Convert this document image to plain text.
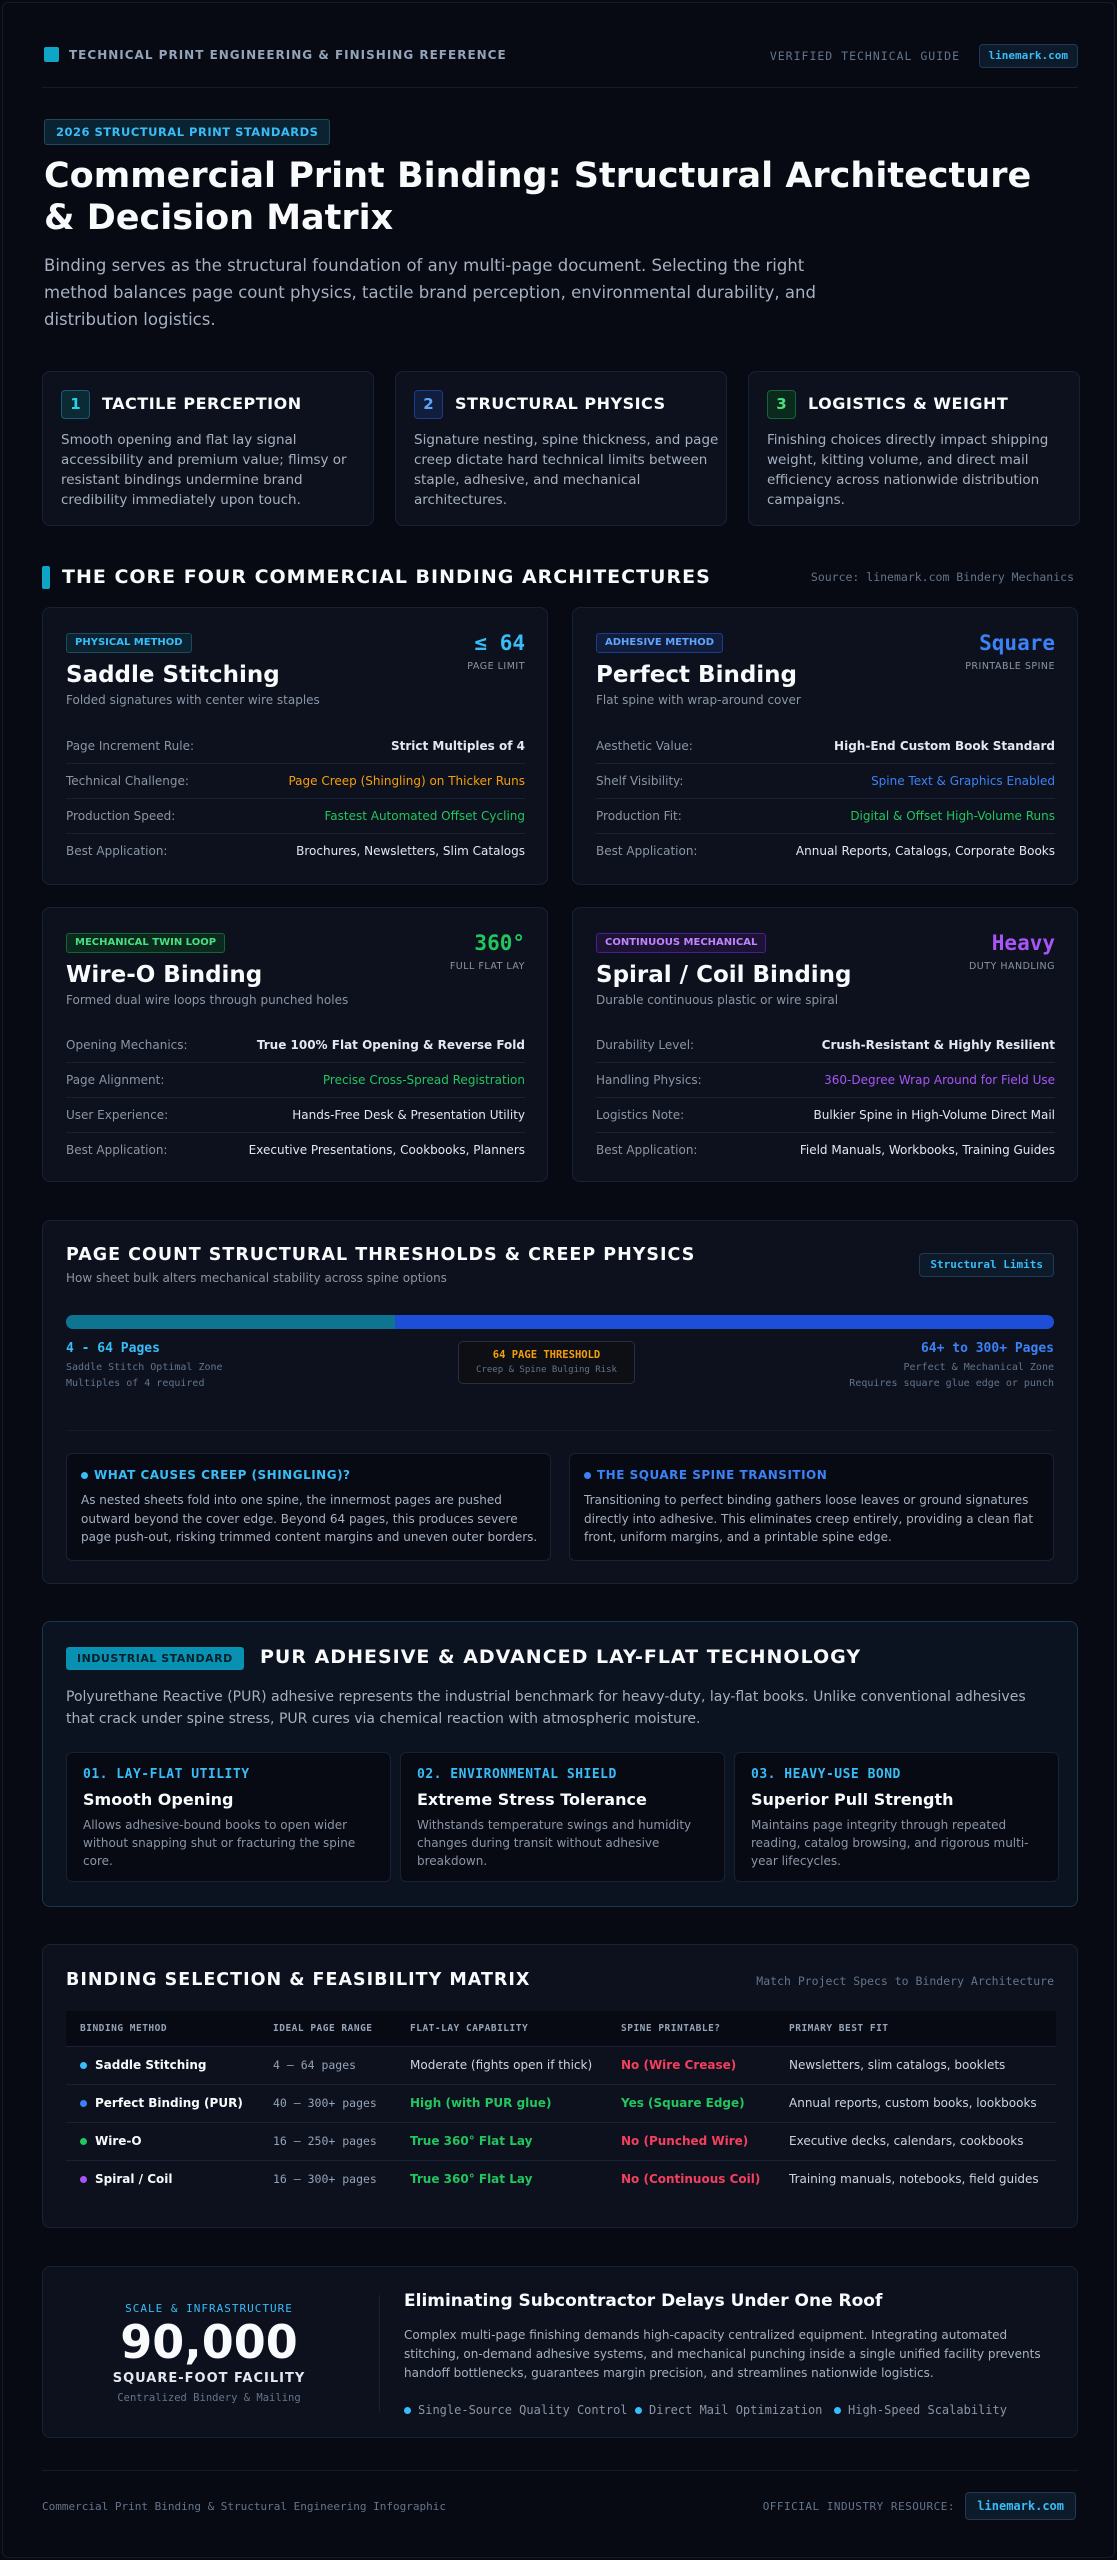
TECHNICAL PRINT ENGINEERING & FINISHING REFERENCE	VERIFIED TECHNICAL GUIDE	linemark.com
2026 STRUCTURAL PRINT STANDARDS
Commercial Print Binding: Structural Architecture & Decision Matrix
Binding serves as the structural foundation of any multi-page document. Selecting the right method balances page count physics, tactile brand perception, environmental durability, and distribution logistics.
1	TACTILE PERCEPTION
Smooth opening and flat lay signal accessibility and premium value; flimsy or resistant bindings undermine brand credibility immediately upon touch.
2	STRUCTURAL PHYSICS
Signature nesting, spine thickness, and page creep dictate hard technical limits between staple, adhesive, and mechanical architectures.
3	LOGISTICS & WEIGHT
Finishing choices directly impact shipping weight, kitting volume, and direct mail efficiency across nationwide distribution campaigns.
THE CORE FOUR COMMERCIAL BINDING ARCHITECTURES	Source: linemark.com Bindery Mechanics
PHYSICAL METHOD
Saddle Stitching
Folded signatures with center wire staples
≤ 64
PAGE LIMIT
Page Increment Rule:	Strict Multiples of 4
Technical Challenge:	Page Creep (Shingling) on Thicker Runs
Production Speed:	Fastest Automated Offset Cycling
Best Application:	Brochures, Newsletters, Slim Catalogs
ADHESIVE METHOD
Perfect Binding
Flat spine with wrap-around cover
Square
PRINTABLE SPINE
Aesthetic Value:	High-End Custom Book Standard
Shelf Visibility:	Spine Text & Graphics Enabled
Production Fit:	Digital & Offset High-Volume Runs
Best Application:	Annual Reports, Catalogs, Corporate Books
MECHANICAL TWIN LOOP
Wire-O Binding
Formed dual wire loops through punched holes
360°
FULL FLAT LAY
Opening Mechanics:	True 100% Flat Opening & Reverse Fold
Page Alignment:	Precise Cross-Spread Registration
User Experience:	Hands-Free Desk & Presentation Utility
Best Application:	Executive Presentations, Cookbooks, Planners
CONTINUOUS MECHANICAL
Spiral / Coil Binding
Durable continuous plastic or wire spiral
Heavy
DUTY HANDLING
Durability Level:	Crush-Resistant & Highly Resilient
Handling Physics:	360-Degree Wrap Around for Field Use
Logistics Note:	Bulkier Spine in High-Volume Direct Mail
Best Application:	Field Manuals, Workbooks, Training Guides
PAGE COUNT STRUCTURAL THRESHOLDS & CREEP PHYSICS
How sheet bulk alters mechanical stability across spine options
Structural Limits
4 - 64 Pages
Saddle Stitch Optimal Zone
Multiples of 4 required
64 PAGE THRESHOLD
Creep & Spine Bulging Risk
64+ to 300+ Pages
Perfect & Mechanical Zone
Requires square glue edge or punch
WHAT CAUSES CREEP (SHINGLING)?
As nested sheets fold into one spine, the innermost pages are pushed outward beyond the cover edge. Beyond 64 pages, this produces severe page push-out, risking trimmed content margins and uneven outer borders.
THE SQUARE SPINE TRANSITION
Transitioning to perfect binding gathers loose leaves or ground signatures directly into adhesive. This eliminates creep entirely, providing a clean flat front, uniform margins, and a printable spine edge.
INDUSTRIAL STANDARD	PUR ADHESIVE & ADVANCED LAY-FLAT TECHNOLOGY
Polyurethane Reactive (PUR) adhesive represents the industrial benchmark for heavy-duty, lay-flat books. Unlike conventional adhesives that crack under spine stress, PUR cures via chemical reaction with atmospheric moisture.
01. LAY-FLAT UTILITY
Smooth Opening
Allows adhesive-bound books to open wider without snapping shut or fracturing the spine core.
02. ENVIRONMENTAL SHIELD
Extreme Stress Tolerance
Withstands temperature swings and humidity changes during transit without adhesive breakdown.
03. HEAVY-USE BOND
Superior Pull Strength
Maintains page integrity through repeated reading, catalog browsing, and rigorous multi-year lifecycles.
BINDING SELECTION & FEASIBILITY MATRIX	Match Project Specs to Bindery Architecture
BINDING METHOD	IDEAL PAGE RANGE	FLAT-LAY CAPABILITY	SPINE PRINTABLE?	PRIMARY BEST FIT
Saddle Stitching	4 – 64 pages	Moderate (fights open if thick)	No (Wire Crease)	Newsletters, slim catalogs, booklets
Perfect Binding (PUR)	40 – 300+ pages	High (with PUR glue)	Yes (Square Edge)	Annual reports, custom books, lookbooks
Wire-O	16 – 250+ pages	True 360° Flat Lay	No (Punched Wire)	Executive decks, calendars, cookbooks
Spiral / Coil	16 – 300+ pages	True 360° Flat Lay	No (Continuous Coil)	Training manuals, notebooks, field guides
SCALE & INFRASTRUCTURE
90,000
SQUARE-FOOT FACILITY
Centralized Bindery & Mailing
Eliminating Subcontractor Delays Under One Roof
Complex multi-page finishing demands high-capacity centralized equipment. Integrating automated stitching, on-demand adhesive systems, and mechanical punching inside a single unified facility prevents handoff bottlenecks, guarantees margin precision, and streamlines nationwide logistics.
Single-Source Quality Control	Direct Mail Optimization	High-Speed Scalability
Commercial Print Binding & Structural Engineering Infographic	OFFICIAL INDUSTRY RESOURCE:	linemark.com
